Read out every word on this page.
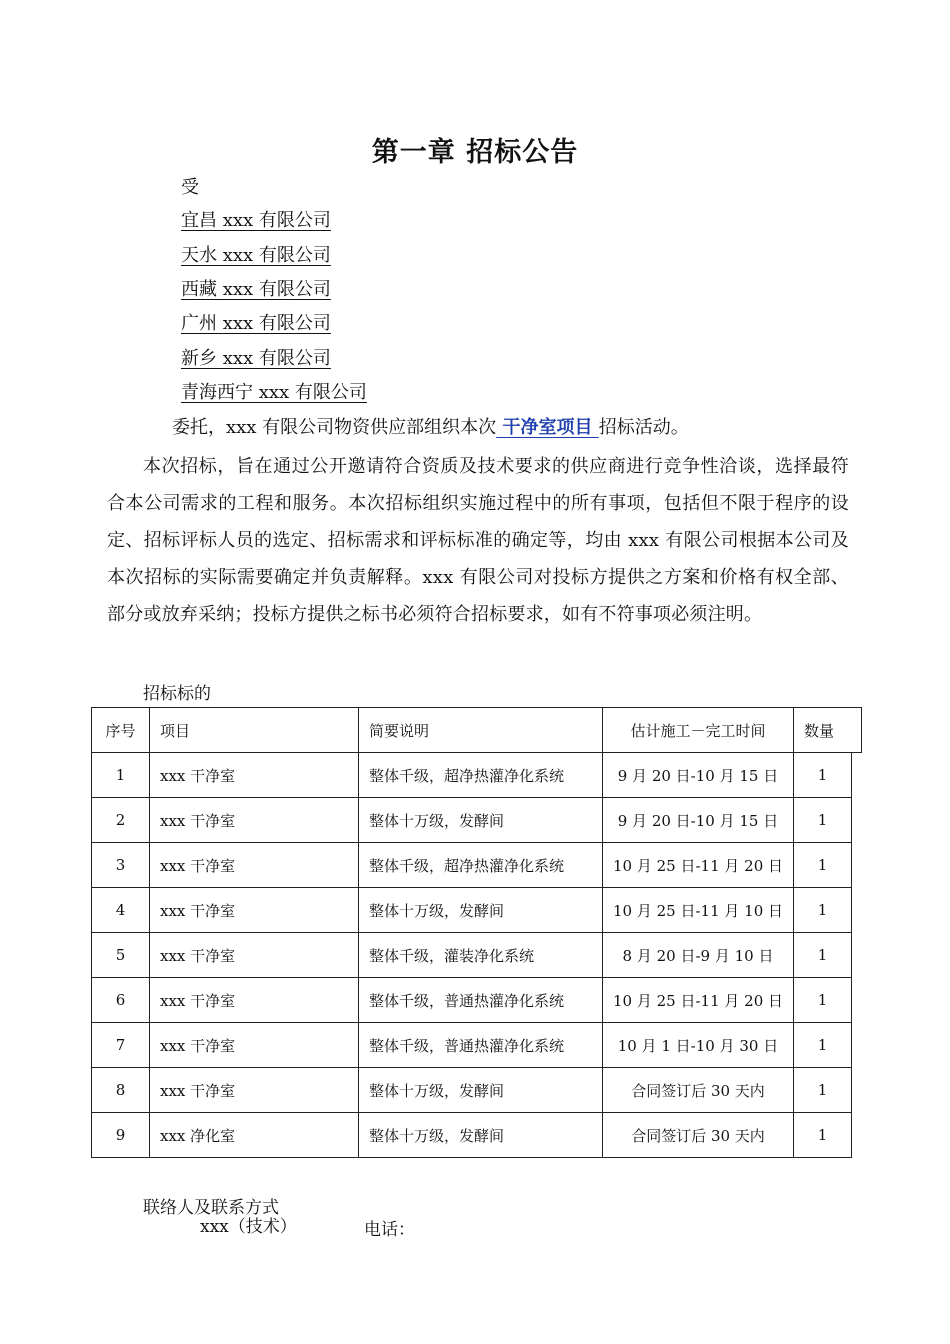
第一章 招标公告
受
宜昌 xxx 有限公司
天水 xxx 有限公司
西藏 xxx 有限公司
广州 xxx 有限公司
新乡 xxx 有限公司
青海西宁 xxx 有限公司
委托，xxx 有限公司物资供应部组织本次 干净室项目 招标活动。
本次招标，旨在通过公开邀请符合资质及技术要求的供应商进行竞争性洽谈，选择最符合本公司需求的工程和服务。本次招标组织实施过程中的所有事项，包括但不限于程序的设定、招标评标人员的选定、招标需求和评标标准的确定等，均由 xxx 有限公司根据本公司及本次招标的实际需要确定并负责解释。xxx 有限公司对投标方提供之方案和价格有权全部、部分或放弃采纳；投标方提供之标书必须符合招标要求，如有不符事项必须注明。
招标标的
序号	项目	简要说明	估计施工－完工时间	数量
1	xxx 干净室	整体千级，超净热灌净化系统	9 月 20 日-10 月 15 日	1
2	xxx 干净室	整体十万级，发酵间	9 月 20 日-10 月 15 日	1
3	xxx 干净室	整体千级，超净热灌净化系统	10 月 25 日-11 月 20 日	1
4	xxx 干净室	整体十万级，发酵间	10 月 25 日-11 月 10 日	1
5	xxx 干净室	整体千级，灌装净化系统	8 月 20 日-9 月 10 日	1
6	xxx 干净室	整体千级，普通热灌净化系统	10 月 25 日-11 月 20 日	1
7	xxx 干净室	整体千级，普通热灌净化系统	10 月 1 日-10 月 30 日	1
8	xxx 干净室	整体十万级，发酵间	合同签订后 30 天内	1
9	xxx 净化室	整体十万级，发酵间	合同签订后 30 天内	1
联络人及联系方式
xxx（技术）	电话：
